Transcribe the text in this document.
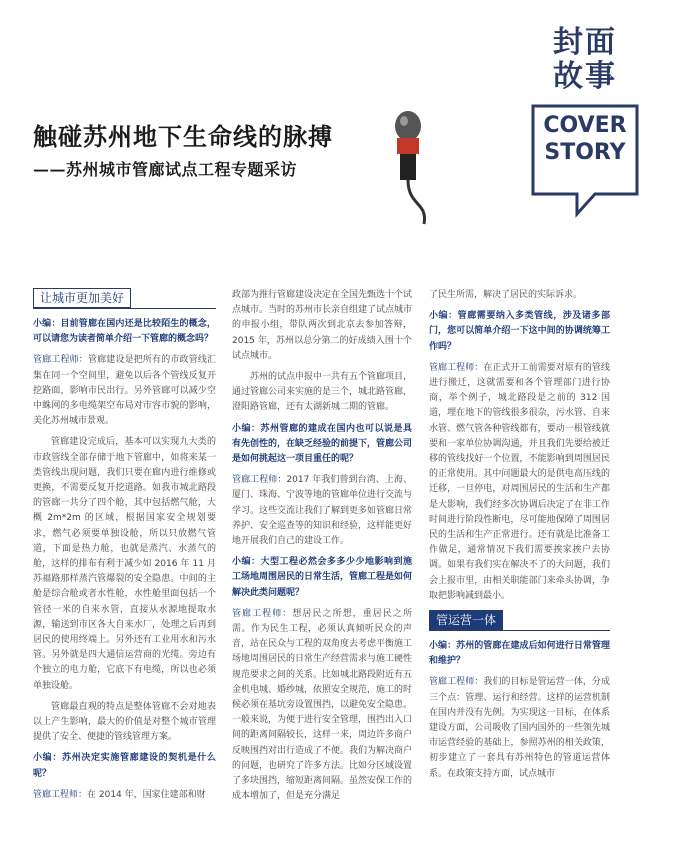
封面
故事
COVER
STORY
触碰苏州地下生命线的脉搏
——苏州城市管廊试点工程专题采访
让城市更加美好

小编：目前管廊在国内还是比较陌生的概念，可以请您为读者简单介绍一下管廊的概念吗？

管廊工程师：管廊建设是把所有的市政管线汇集在同一个空间里，避免以后各个管线反复开挖路面，影响市民出行。另外管廊可以减少空中蛛网的多电缆架空布局对市容市貌的影响，美化苏州城市景观。

管廊建设完成后，基本可以实现九大类的市政管线全部存储于地下管廊中，如将来某一类管线出现问题，我们只要在廊内进行维修或更换，不需要反复开挖道路。如我市城北路段的管廊一共分了四个舱，其中包括燃气舱，大概 2m*2m 的区域，根据国家安全规划要求，燃气必须要单独设舱，所以只放燃气管道，下面是热力舱，也就是蒸汽、水蒸气的舱，这样的排布有利于减少如 2016 年 11 月苏福路那样蒸汽管爆裂的安全隐患。中间的主舱是综合舱或者水性舱，水性舱里面包括一个管径一米的自来水管，直接从水源地提取水源，输送到市区各大自来水厂，处理之后再到居民的使用终端上。另外还有工业用水和污水管。另外就是四大通信运营商的光缆。旁边有个独立的电力舱，它底下有电缆，所以也必须单独设舱。

管廊最直观的特点是整体管廊不会对地表以上产生影响，最大的价值是对整个城市管理提供了安全、便捷的管线管理方案。

小编：苏州决定实施管廊建设的契机是什么呢？

管廊工程师：在 2014 年，国家住建部和财

政部为推行管廊建设决定在全国先甄选十个试点城市。当时的苏州市长亲自组建了试点城市的申报小组，带队两次到北京去参加答辩，2015 年，苏州以总分第二的好成绩入围十个试点城市。

苏州的试点申报中一共有五个管廊项目，通过管廊公司来实施的是三个，城北路管廊，澄阳路管廊，还有太湖新城二期的管廊。

小编：苏州管廊的建成在国内也可以说是具有先创性的，在缺乏经验的前提下，管廊公司是如何挑起这一项目重任的呢？

管廊工程师：2017 年我们曾到台湾、上海、厦门、珠海、宁波等地的管廊单位进行交流与学习。这些交流让我们了解到更多如管廊日常养护、安全巡查等的知识和经验，这样能更好地开展我们自己的建设工作。

小编：大型工程必然会多多少少地影响到施工场地周围居民的日常生活，管廊工程是如何解决此类问题呢？

管廊工程师：想居民之所想，重居民之所需。作为民生工程，必须认真倾听民众的声音，站在民众与工程的双角度去考虑平衡施工场地周围居民的日常生产经营需求与施工硬性规范要求之间的关系。比如城北路段附近有五金机电城、婚纱城，依照安全规范，施工的时候必须在基坑旁设置围挡，以避免安全隐患。一般来说，为便于进行安全管理，围挡出入口间的距离间隔较长，这样一来，周边许多商户反映围挡对出行造成了不便。我们为解决商户的问题，也研究了许多方法。比如分区域设置了多块围挡，缩短距离间隔。虽然安保工作的成本增加了，但是充分满足

了民生所需，解决了居民的实际诉求。

小编：管廊需要纳入多类管线，涉及诸多部门，您可以简单介绍一下这中间的协调统筹工作吗？

管廊工程师：在正式开工前需要对原有的管线进行搬迁，这就需要和各个管理部门进行协商，举个例子，城北路段是之前的 312 国道，埋在地下的管线很多很杂，污水管、自来水管、燃气管各种管线都有，要动一根管线就要和一家单位协调沟通，并且我们先要给被迁移的管线找好一个位置，不能影响到周围居民的正常使用。其中问题最大的是供电高压线的迁移，一旦停电，对周围居民的生活和生产都是大影响，我们经多次协调后决定了在非工作时间进行阶段性断电，尽可能地保障了周围居民的生活和生产正常进行。还有就是比准备工作做足，通常情况下我们需要挨家挨户去协调。如果有我们实在解决不了的大问题，我们会上报市里，由相关职能部门来牵头协调，争取把影响减到最小。

管运营一体

小编：苏州的管廊在建成后如何进行日常管理和维护？

管廊工程师：我们的目标是管运营一体，分成三个点：管理、运行和经营。这样的运营机制在国内并没有先例。为实现这一目标，在体系建设方面，公司吸收了国内国外的一些领先城市运营经验的基础上，参照苏州的相关政策，初步建立了一套具有苏州特色的管道运营体系。在政策支持方面，试点城市
